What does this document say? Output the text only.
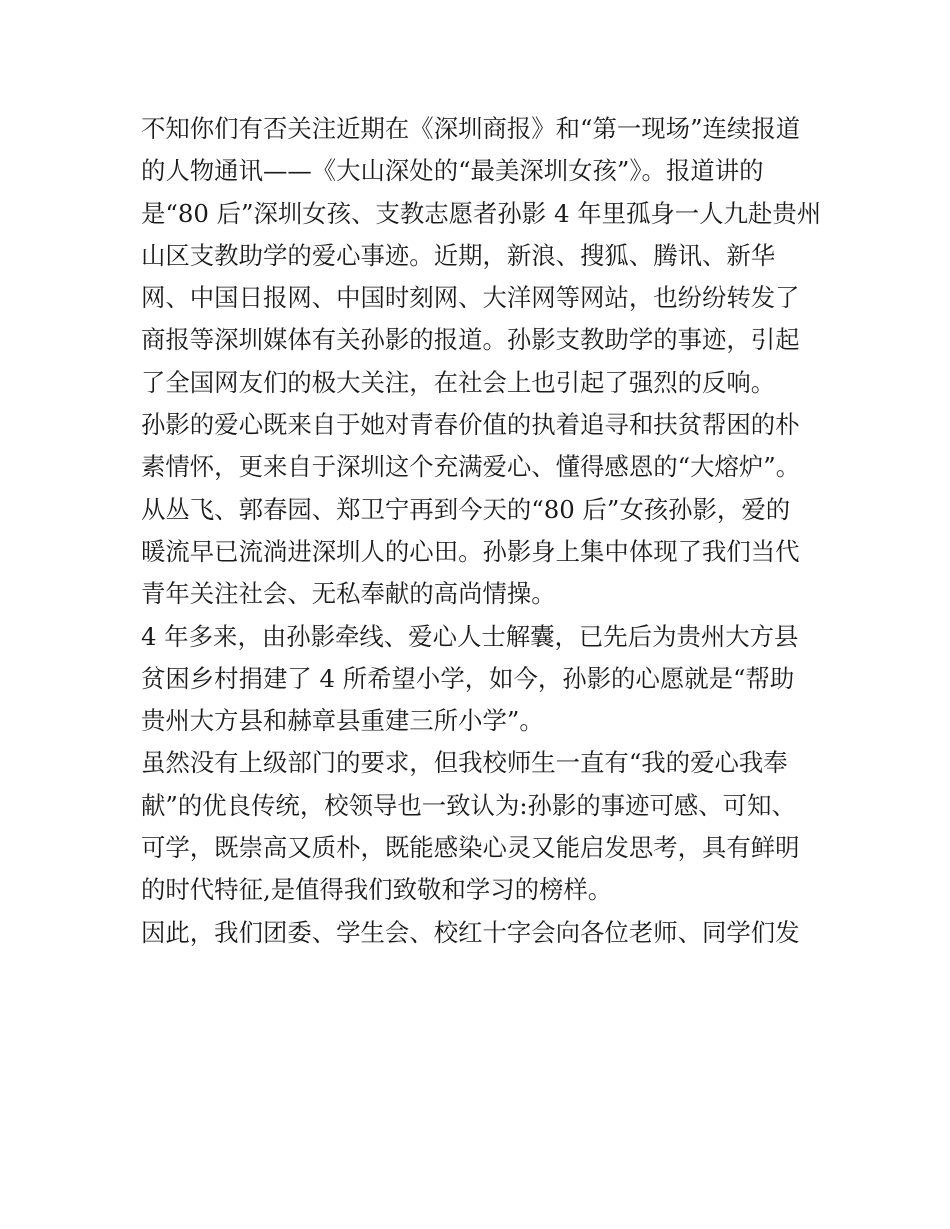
不知你们有否关注近期在《深圳商报》和“第一现场”连续报道
的人物通讯——《大山深处的“最美深圳女孩”》。报道讲的
是“80 后”深圳女孩、支教志愿者孙影 4 年里孤身一人九赴贵州
山区支教助学的爱心事迹。近期，新浪、搜狐、腾讯、新华
网、中国日报网、中国时刻网、大洋网等网站，也纷纷转发了
商报等深圳媒体有关孙影的报道。孙影支教助学的事迹，引起
了全国网友们的极大关注，在社会上也引起了强烈的反响。
孙影的爱心既来自于她对青春价值的执着追寻和扶贫帮困的朴
素情怀，更来自于深圳这个充满爱心、懂得感恩的“大熔炉”。
从丛飞、郭春园、郑卫宁再到今天的“80 后”女孩孙影，爱的
暖流早已流淌进深圳人的心田。孙影身上集中体现了我们当代
青年关注社会、无私奉献的高尚情操。
4 年多来，由孙影牵线、爱心人士解囊，已先后为贵州大方县
贫困乡村捐建了 4 所希望小学，如今，孙影的心愿就是“帮助
贵州大方县和赫章县重建三所小学”。
虽然没有上级部门的要求，但我校师生一直有“我的爱心我奉
献”的优良传统，校领导也一致认为:孙影的事迹可感、可知、
可学，既崇高又质朴，既能感染心灵又能启发思考，具有鲜明
的时代特征,是值得我们致敬和学习的榜样。
因此，我们团委、学生会、校红十字会向各位老师、同学们发
